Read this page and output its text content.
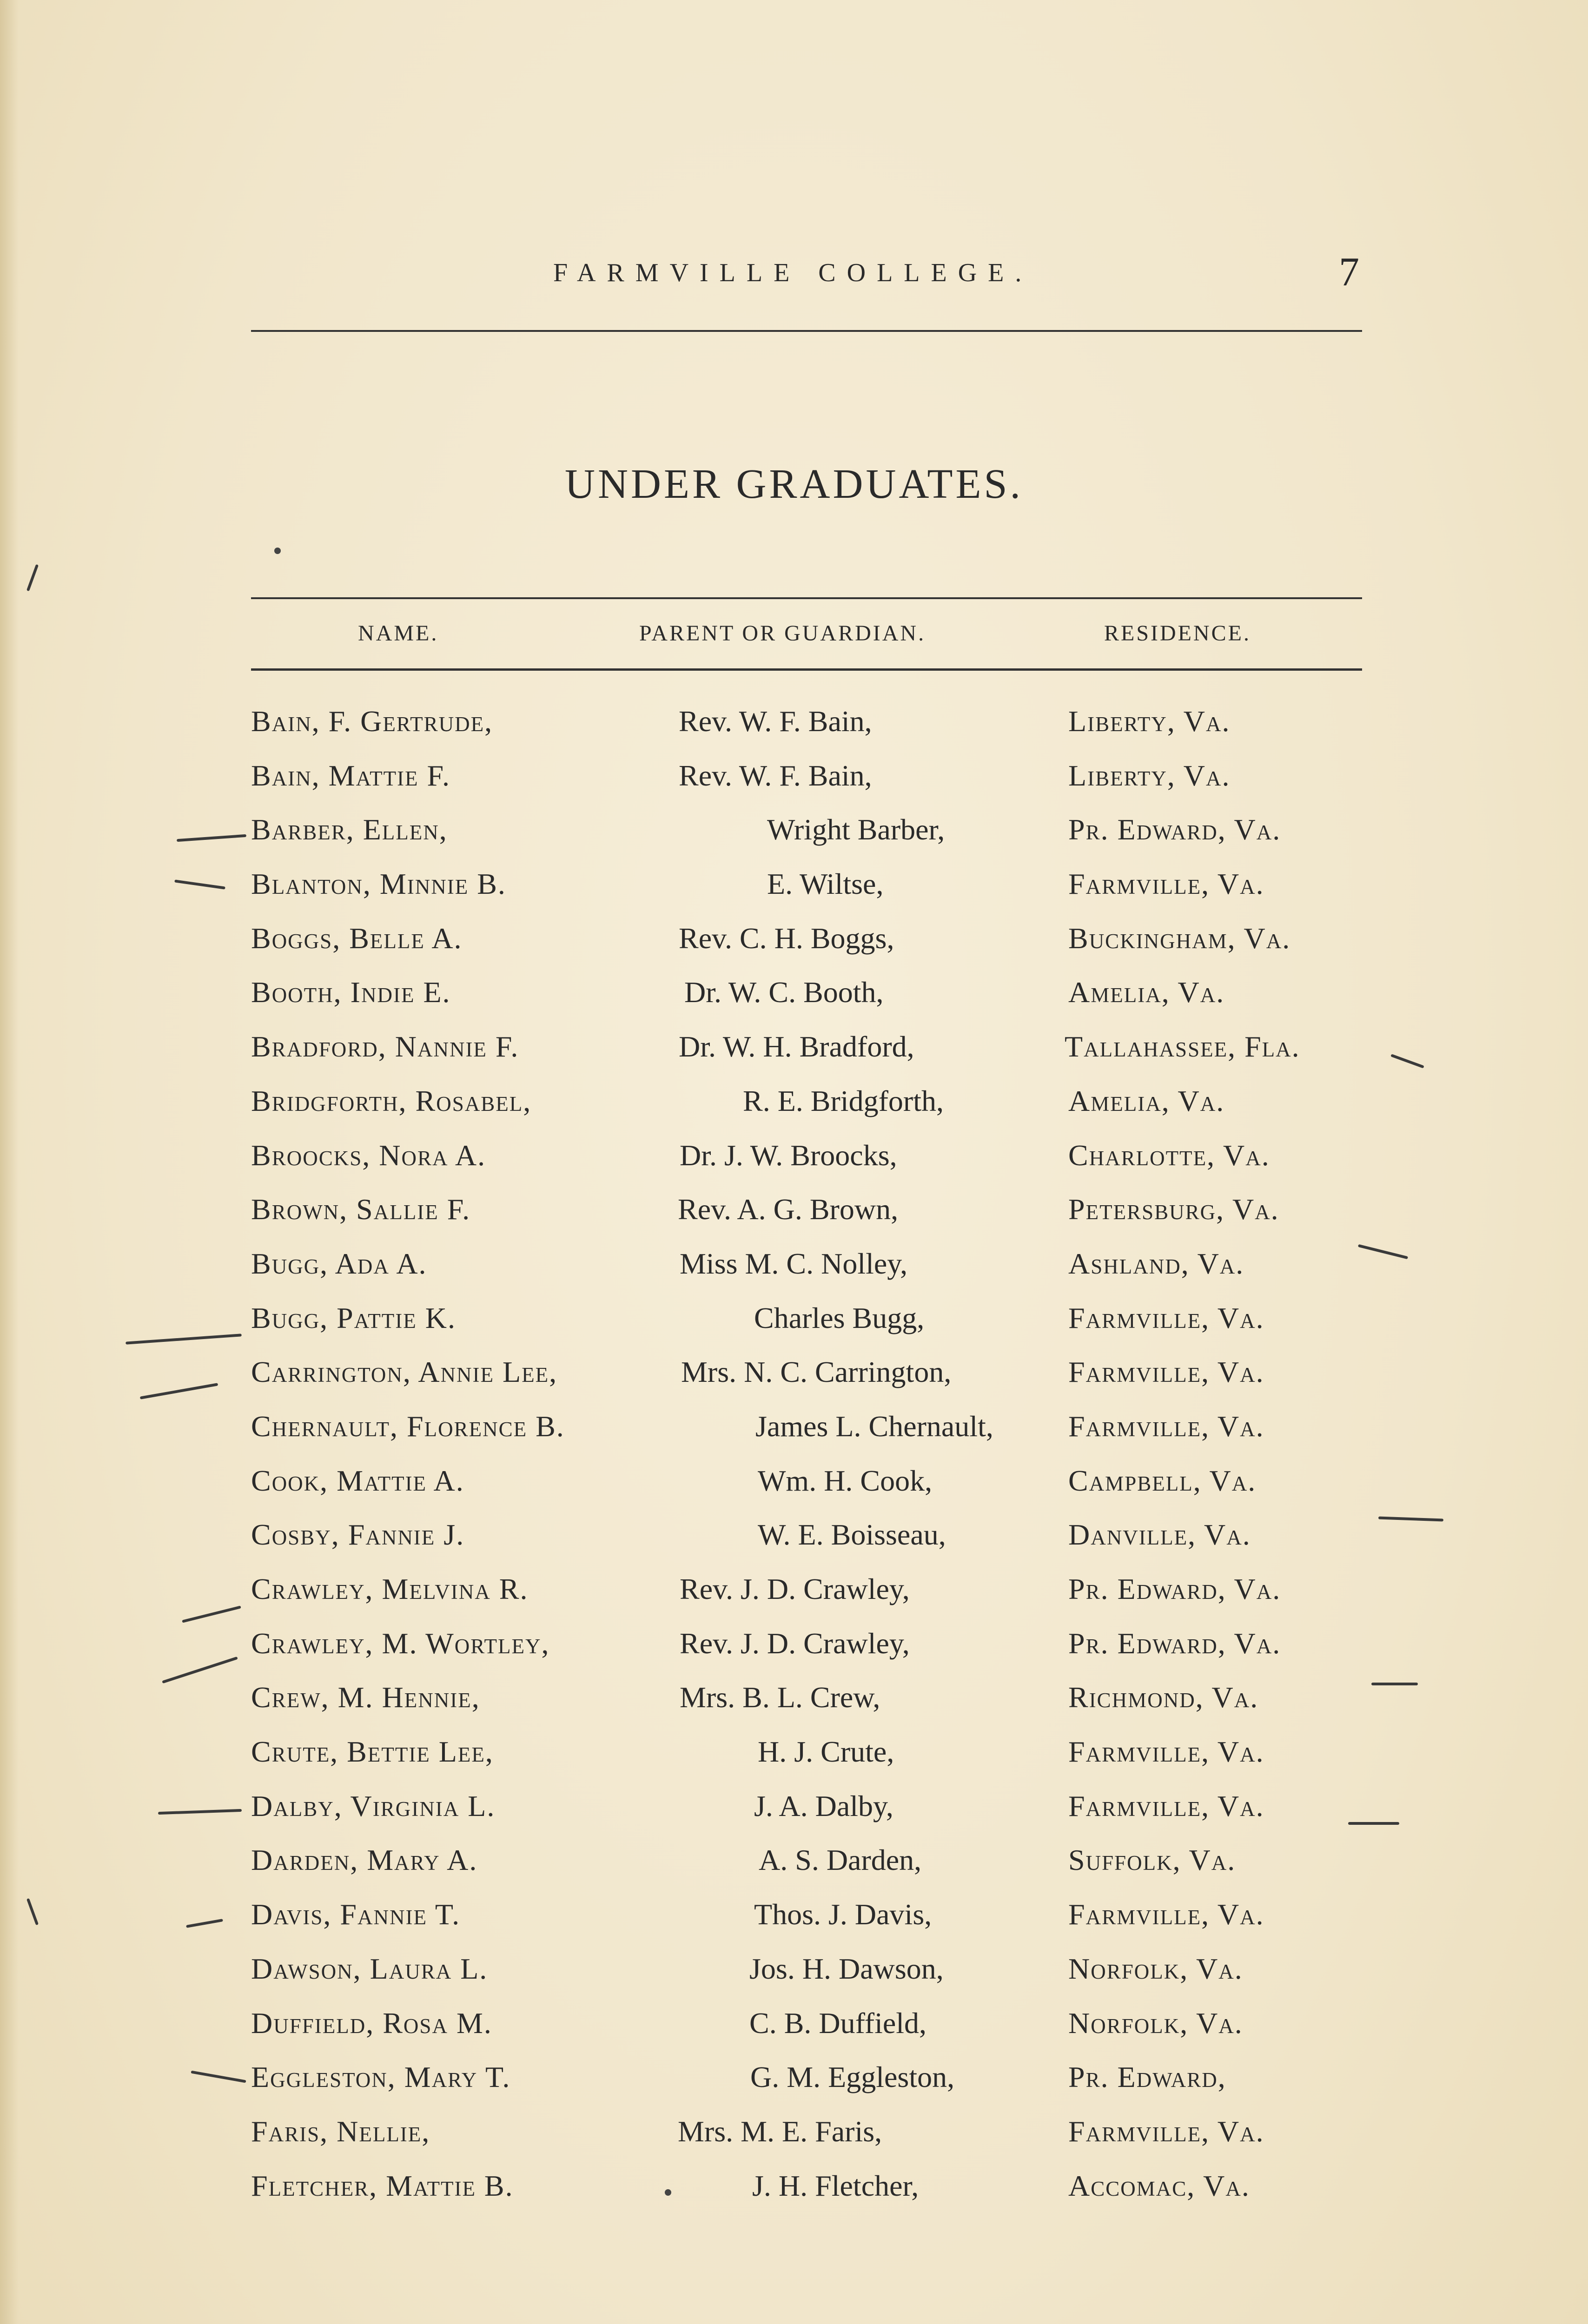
FARMVILLE COLLEGE.	7
UNDER GRADUATES.
NAME.	PARENT OR GUARDIAN.	RESIDENCE.
Bain, F. Gertrude,	Rev. W. F. Bain,	Liberty, Va.
Bain, Mattie F.	Rev. W. F. Bain,	Liberty, Va.
Barber, Ellen,	Wright Barber,	Pr. Edward, Va.
Blanton, Minnie B.	E. Wiltse,	Farmville, Va.
Boggs, Belle A.	Rev. C. H. Boggs,	Buckingham, Va.
Booth, Indie E.	Dr. W. C. Booth,	Amelia, Va.
Bradford, Nannie F.	Dr. W. H. Bradford,	Tallahassee, Fla.
Bridgforth, Rosabel,	R. E. Bridgforth,	Amelia, Va.
Broocks, Nora A.	Dr. J. W. Broocks,	Charlotte, Va.
Brown, Sallie F.	Rev. A. G. Brown,	Petersburg, Va.
Bugg, Ada A.	Miss M. C. Nolley,	Ashland, Va.
Bugg, Pattie K.	Charles Bugg,	Farmville, Va.
Carrington, Annie Lee,	Mrs. N. C. Carrington,	Farmville, Va.
Chernault, Florence B.	James L. Chernault,	Farmville, Va.
Cook, Mattie A.	Wm. H. Cook,	Campbell, Va.
Cosby, Fannie J.	W. E. Boisseau,	Danville, Va.
Crawley, Melvina R.	Rev. J. D. Crawley,	Pr. Edward, Va.
Crawley, M. Wortley,	Rev. J. D. Crawley,	Pr. Edward, Va.
Crew, M. Hennie,	Mrs. B. L. Crew,	Richmond, Va.
Crute, Bettie Lee,	H. J. Crute,	Farmville, Va.
Dalby, Virginia L.	J. A. Dalby,	Farmville, Va.
Darden, Mary A.	A. S. Darden,	Suffolk, Va.
Davis, Fannie T.	Thos. J. Davis,	Farmville, Va.
Dawson, Laura L.	Jos. H. Dawson,	Norfolk, Va.
Duffield, Rosa M.	C. B. Duffield,	Norfolk, Va.
Eggleston, Mary T.	G. M. Eggleston,	Pr. Edward,
Faris, Nellie,	Mrs. M. E. Faris,	Farmville, Va.
Fletcher, Mattie B.	J. H. Fletcher,	Accomac, Va.
